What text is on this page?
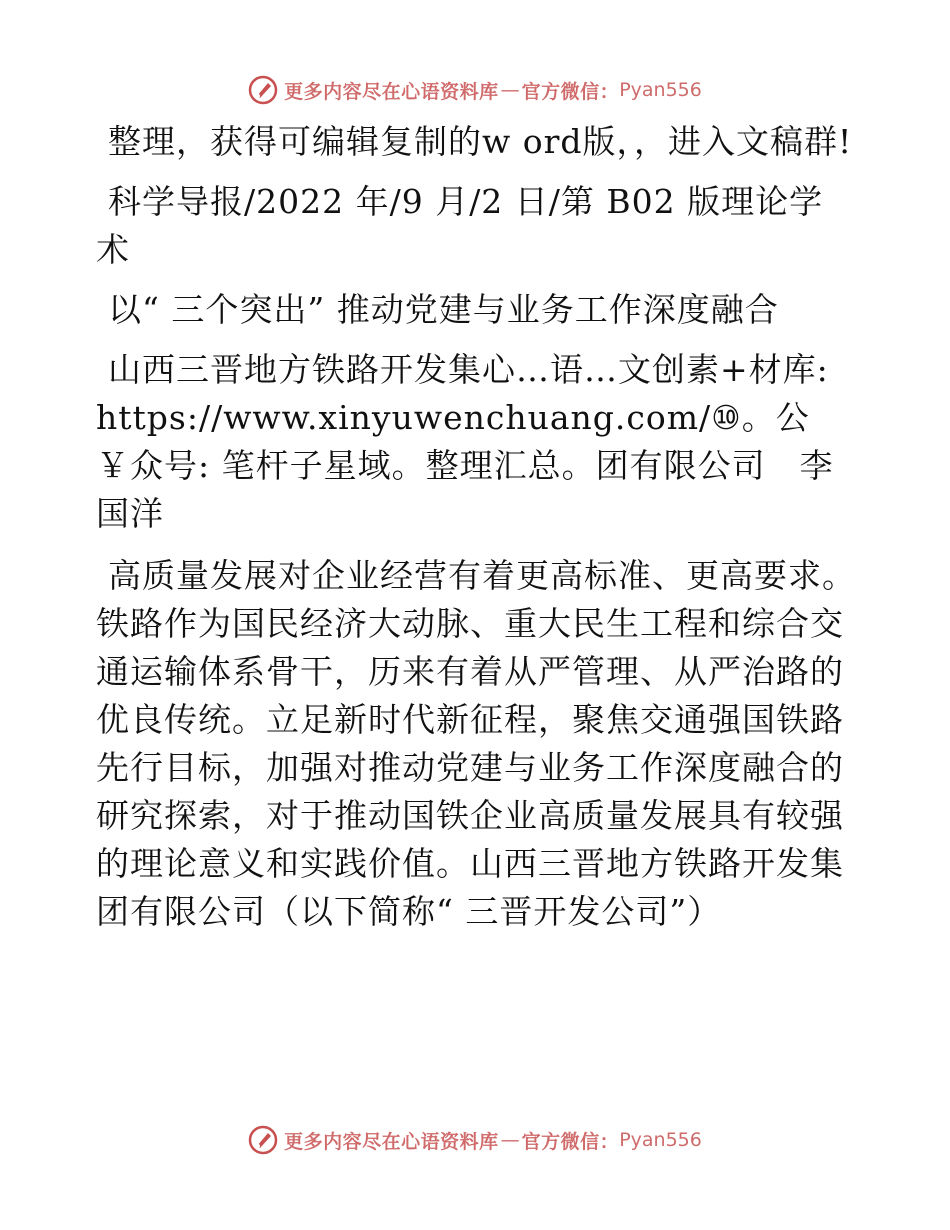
更多内容尽在心语资料库 — 官方微信： Pyan556

整理，获得可编辑复制的w ord版，，进入文稿群!

科学导报/2022 年/9 月/2 日/第 B02 版理论学术

以“ 三个突出” 推动党建与业务工作深度融合

山西三晋地方铁路开发集心…语…文创素+材库: https://www.xinyuwenchuang.com/⑩。公￥众号: 笔杆子星域。整理汇总。团有限公司　李国洋

高质量发展对企业经营有着更高标准、更高要求。铁路作为国民经济大动脉、重大民生工程和综合交通运输体系骨干，历来有着从严管理、从严治路的优良传统。立足新时代新征程，聚焦交通强国铁路先行目标，加强对推动党建与业务工作深度融合的研究探索，对于推动国铁企业高质量发展具有较强的理论意义和实践价值。山西三晋地方铁路开发集团有限公司（以下简称“ 三晋开发公司”）

更多内容尽在心语资料库 — 官方微信： Pyan556
